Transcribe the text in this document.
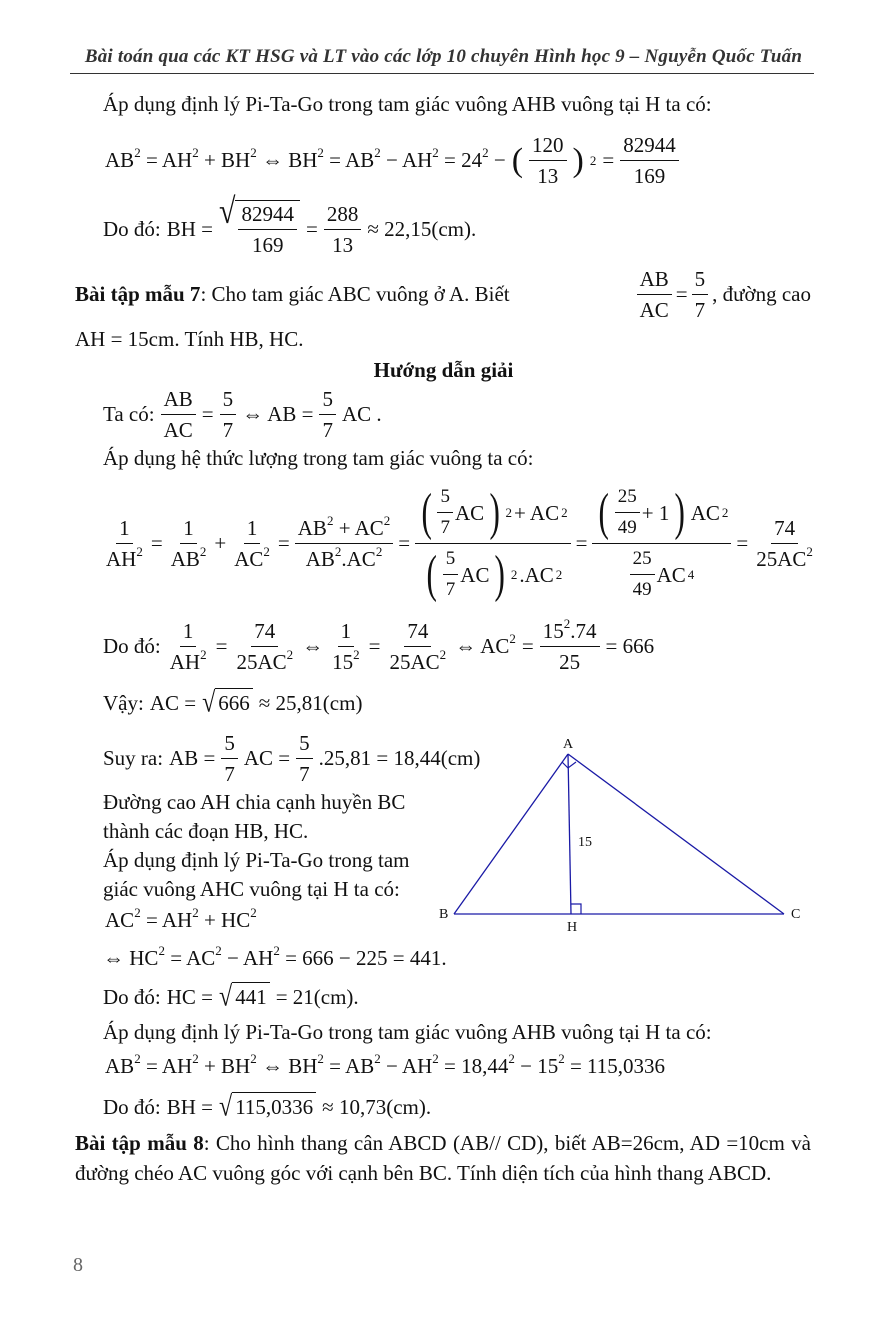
Bài toán qua các KT HSG và LT vào các lớp 10 chuyên Hình học 9 – Nguyễn Quốc Tuấn
Áp dụng định lý Pi-Ta-Go trong tam giác vuông AHB vuông tại H ta có:
$AB^2 = AH^2 + BH^2$ ⇔ $BH^2 = AB^2 - AH^2 = 24^2$ − ( $\frac{120}{13}$ ) $2 = \frac{82944}{169}$
Do đó: BH = √ $\frac{82944}{169} = \frac{288}{13} \approx 22,15(cm)$.
Bài tập mẫu 7: Cho tam giác ABC vuông ở A. Biết	$\frac{AB}{AC} = \frac{5}{7}$ , đường cao
AH = 15cm. Tính HB, HC.
Hướng dẫn giải
Ta có: $\frac{AB}{AC} = \frac{5}{7}$ ⇔ AB = $\frac{5}{7}$ AC .
Áp dụng hệ thức lượng trong tam giác vuông ta có:
$\frac{1}{AH^2} = \frac{1}{AB^2} + \frac{1}{AC^2} = \frac{AB^2 + AC^2}{AB^2.AC^2} = \frac{( \frac{5}{7} AC ) 2 + AC 2}{( \frac{5}{7} AC ) 2 .AC 2} = \frac{( \frac{25}{49} + 1 ) AC 2}{\frac{25}{49} AC 4} = \frac{74}{25AC^2}$
Do đó: $\frac{1}{AH^2} = \frac{74}{25AC^2}$ ⇔ $\frac{1}{15^2} = \frac{74}{25AC^2}$ ⇔ $AC^2 = \frac{15^2.74}{25} = 666$
Vậy: AC = √ 666 ≈ 25,81(cm)
Suy ra: AB = $\frac{5}{7}$ AC = $\frac{5}{7} .25,81 = 18,44(cm)$
Đường cao AH chia cạnh huyền BC
thành các đoạn HB, HC.
Áp dụng định lý Pi-Ta-Go trong tam
giác vuông AHC vuông tại H ta có:
$AC^2 = AH^2 + HC^2$
⇔ $HC^2 = AC^2 - AH^2 = 666 - 225 = 441$.
Do đó: HC = √ 441 = 21(cm).
Áp dụng định lý Pi-Ta-Go trong tam giác vuông AHB vuông tại H ta có:
$AB^2 = AH^2 + BH^2$ ⇔ $BH^2 = AB^2 - AH^2 = 18,44^2 - 15^2 = 115,0336$
Do đó: BH = √ 115,0336 ≈ 10,73(cm).
Bài tập mẫu 8: Cho hình thang cân ABCD (AB// CD), biết AB=26cm, AD =10cm và đường chéo AC vuông góc với cạnh bên BC. Tính diện tích của hình thang ABCD.
A
B	C
H
15
8
